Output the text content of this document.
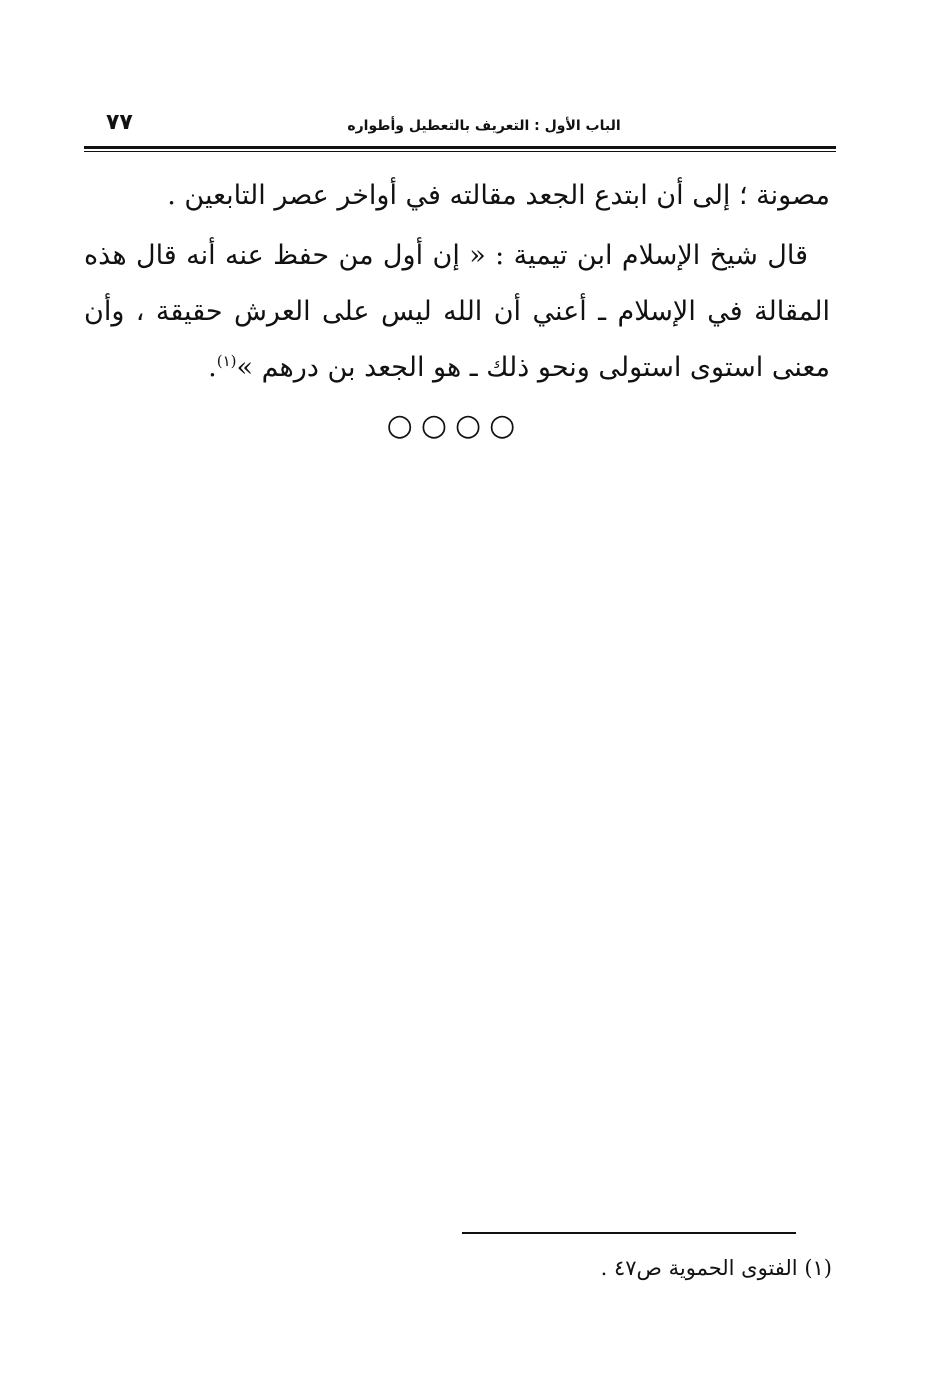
٧٧	الباب الأول : التعريف بالتعطيل وأطواره

مصونة ؛ إلى أن ابتدع الجعد مقالته في أواخر عصر التابعين .

قال شيخ الإسلام ابن تيمية : « إن أول من حفظ عنه أنه قال هذه المقالة في الإسلام ـ أعني أن الله ليس على العرش حقيقة ، وأن معنى استوى استولى ونحو ذلك ـ هو الجعد بن درهم »$^{(١)}$.

○○○○
(١) الفتوى الحموية ص٤٧ .
